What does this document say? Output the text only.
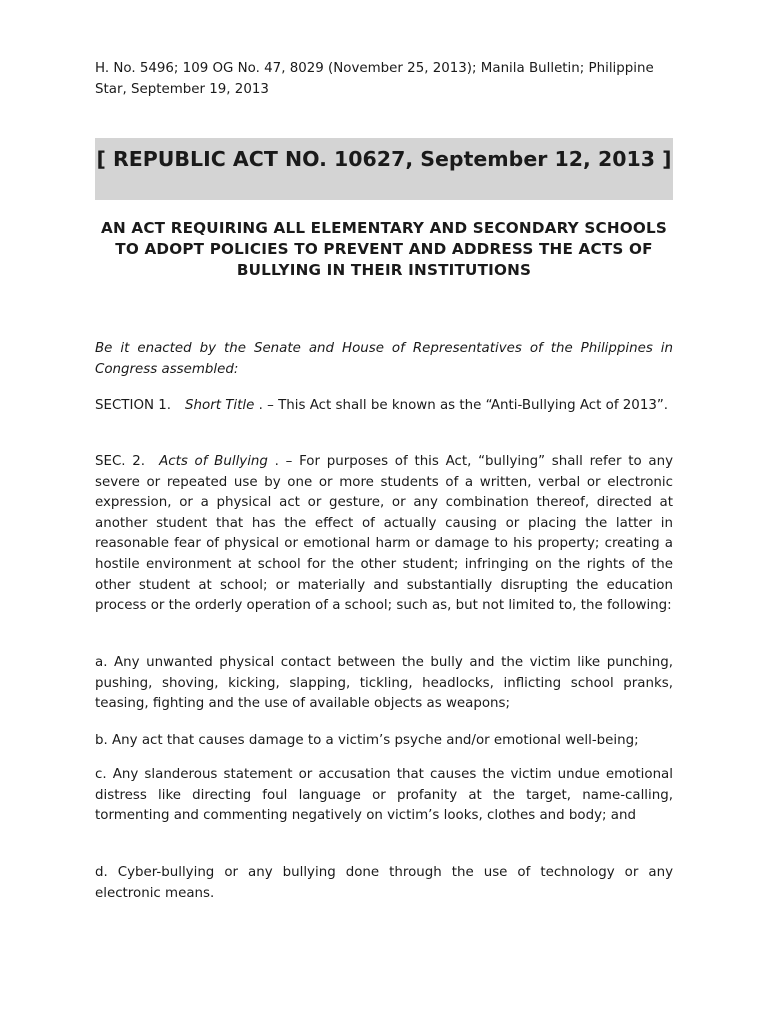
H. No. 5496; 109 OG No. 47, 8029 (November 25, 2013); Manila Bulletin; Philippine Star, September 19, 2013
[ REPUBLIC ACT NO. 10627, September 12, 2013 ]
AN ACT REQUIRING ALL ELEMENTARY AND SECONDARY SCHOOLS TO ADOPT POLICIES TO PREVENT AND ADDRESS THE ACTS OF BULLYING IN THEIR INSTITUTIONS

Be it enacted by the Senate and House of Representatives of the Philippines in Congress assembled:

SECTION 1. Short Title . – This Act shall be known as the “Anti-Bullying Act of 2013”.

SEC. 2. Acts of Bullying . – For purposes of this Act, “bullying” shall refer to any severe or repeated use by one or more students of a written, verbal or electronic expression, or a physical act or gesture, or any combination thereof, directed at another student that has the effect of actually causing or placing the latter in reasonable fear of physical or emotional harm or damage to his property; creating a hostile environment at school for the other student; infringing on the rights of the other student at school; or materially and substantially disrupting the education process or the orderly operation of a school; such as, but not limited to, the following:

a. Any unwanted physical contact between the bully and the victim like punching, pushing, shoving, kicking, slapping, tickling, headlocks, inflicting school pranks, teasing, fighting and the use of available objects as weapons;

b. Any act that causes damage to a victim’s psyche and/or emotional well-being;

c. Any slanderous statement or accusation that causes the victim undue emotional distress like directing foul language or profanity at the target, name-calling, tormenting and commenting negatively on victim’s looks, clothes and body; and

d. Cyber-bullying or any bullying done through the use of technology or any electronic means.
